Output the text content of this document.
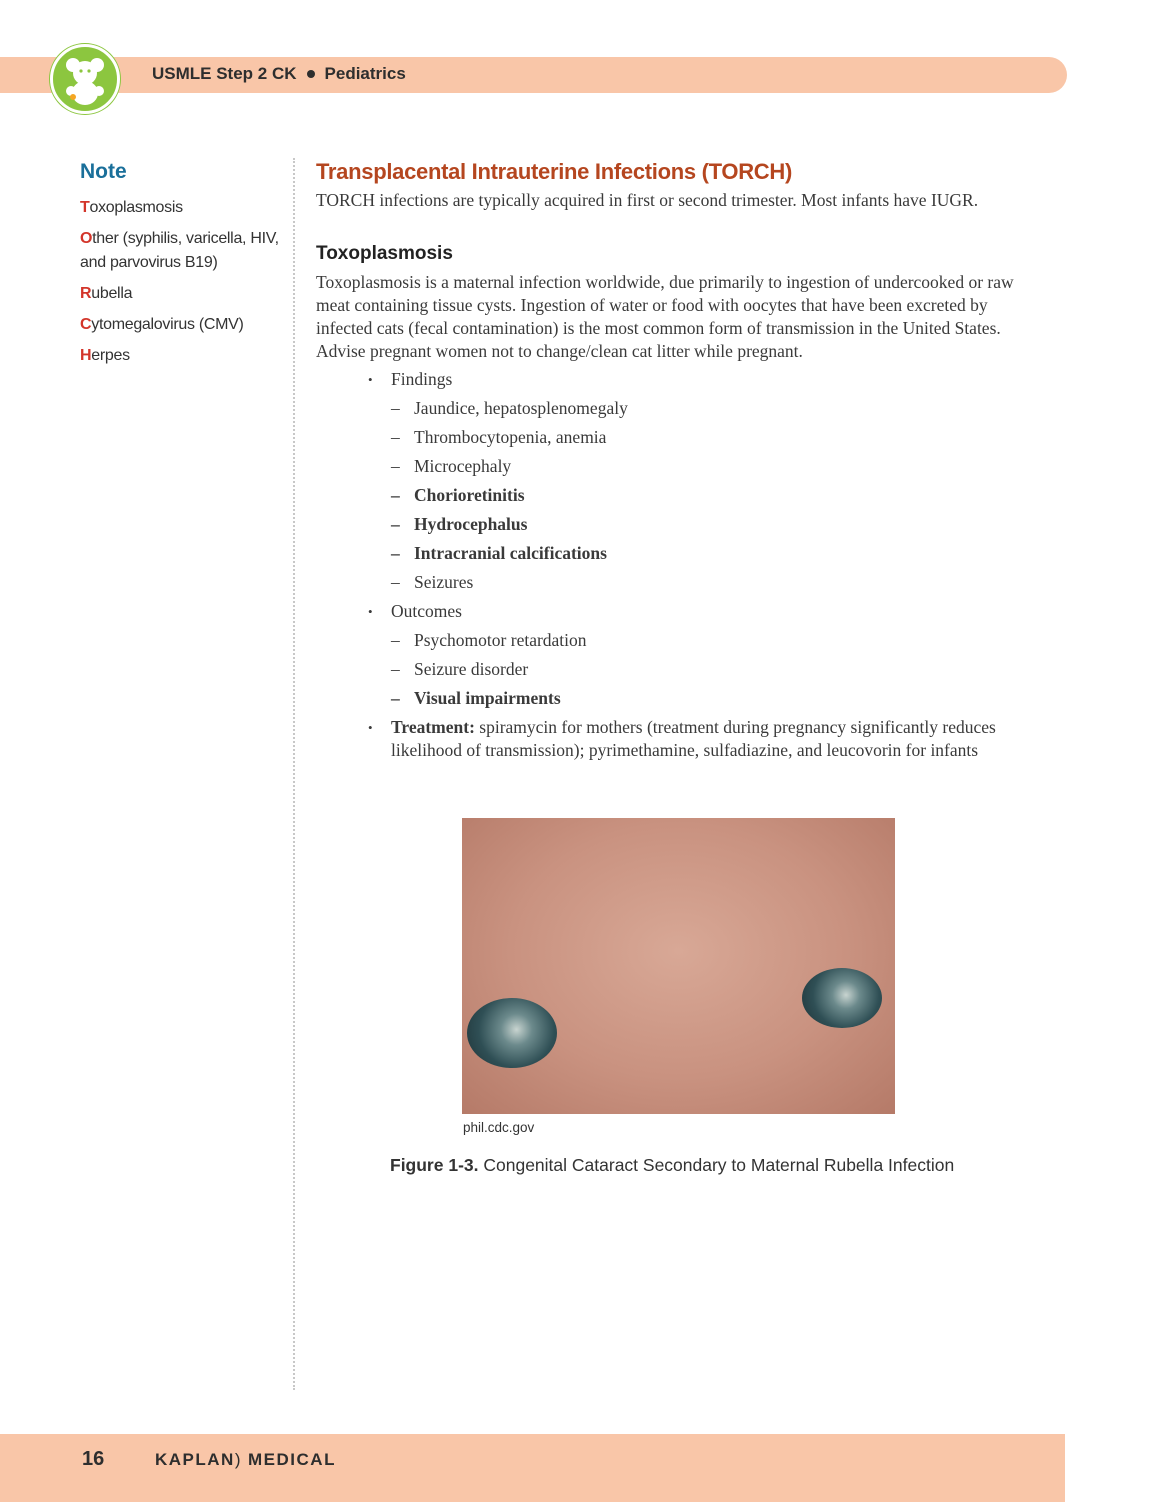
USMLE Step 2 CK Pediatrics
Note
Toxoplasmosis
Other (syphilis, varicella, HIV, and parvovirus B19)
Rubella
Cytomegalovirus (CMV)
Herpes
Transplacental Intrauterine Infections (TORCH)

TORCH infections are typically acquired in first or second trimester. Most infants have IUGR.

Toxoplasmosis

Toxoplasmosis is a maternal infection worldwide, due primarily to ingestion of undercooked or raw meat containing tissue cysts. Ingestion of water or food with oocytes that have been excreted by infected cats (fecal contamination) is the most common form of transmission in the United States. Advise pregnant women not to change/clean cat litter while pregnant.

• Findings
– Jaundice, hepatosplenomegaly
– Thrombocytopenia, anemia
– Microcephaly
– Chorioretinitis
– Hydrocephalus
– Intracranial calcifications
– Seizures
• Outcomes
– Psychomotor retardation
– Seizure disorder
– Visual impairments
• Treatment: spiramycin for mothers (treatment during pregnancy significantly reduces likelihood of transmission); pyrimethamine, sulfadiazine, and leucovorin for infants
phil.cdc.gov
Figure 1-3. Congenital Cataract Secondary to Maternal Rubella Infection
16	KAPLAN) MEDICAL
